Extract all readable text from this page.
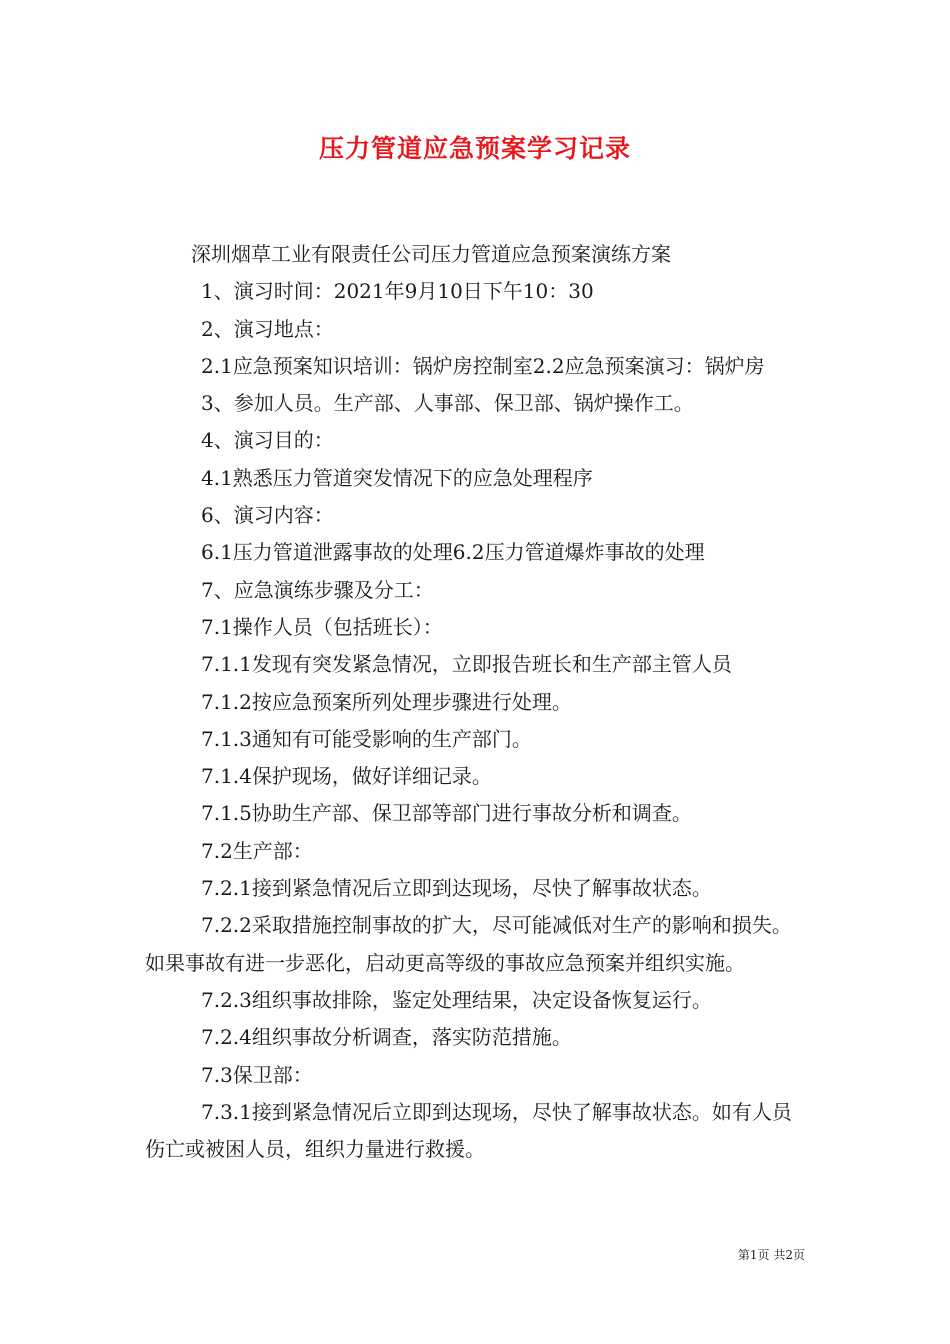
压力管道应急预案学习记录

深圳烟草工业有限责任公司压力管道应急预案演练方案

1、演习时间：2021年9月10日下午10：30

2、演习地点：

2.1应急预案知识培训：锅炉房控制室2.2应急预案演习：锅炉房

3、参加人员。生产部、人事部、保卫部、锅炉操作工。

4、演习目的：

4.1熟悉压力管道突发情况下的应急处理程序

6、演习内容：

6.1压力管道泄露事故的处理6.2压力管道爆炸事故的处理

7、应急演练步骤及分工：

7.1操作人员（包括班长）：

7.1.1发现有突发紧急情况，立即报告班长和生产部主管人员

7.1.2按应急预案所列处理步骤进行处理。

7.1.3通知有可能受影响的生产部门。

7.1.4保护现场，做好详细记录。

7.1.5协助生产部、保卫部等部门进行事故分析和调查。

7.2生产部：

7.2.1接到紧急情况后立即到达现场，尽快了解事故状态。

7.2.2采取措施控制事故的扩大，尽可能减低对生产的影响和损失。如果事故有进一步恶化，启动更高等级的事故应急预案并组织实施。

7.2.3组织事故排除，鉴定处理结果，决定设备恢复运行。

7.2.4组织事故分析调查，落实防范措施。

7.3保卫部：

7.3.1接到紧急情况后立即到达现场，尽快了解事故状态。如有人员伤亡或被困人员，组织力量进行救援。

第1页 共2页
